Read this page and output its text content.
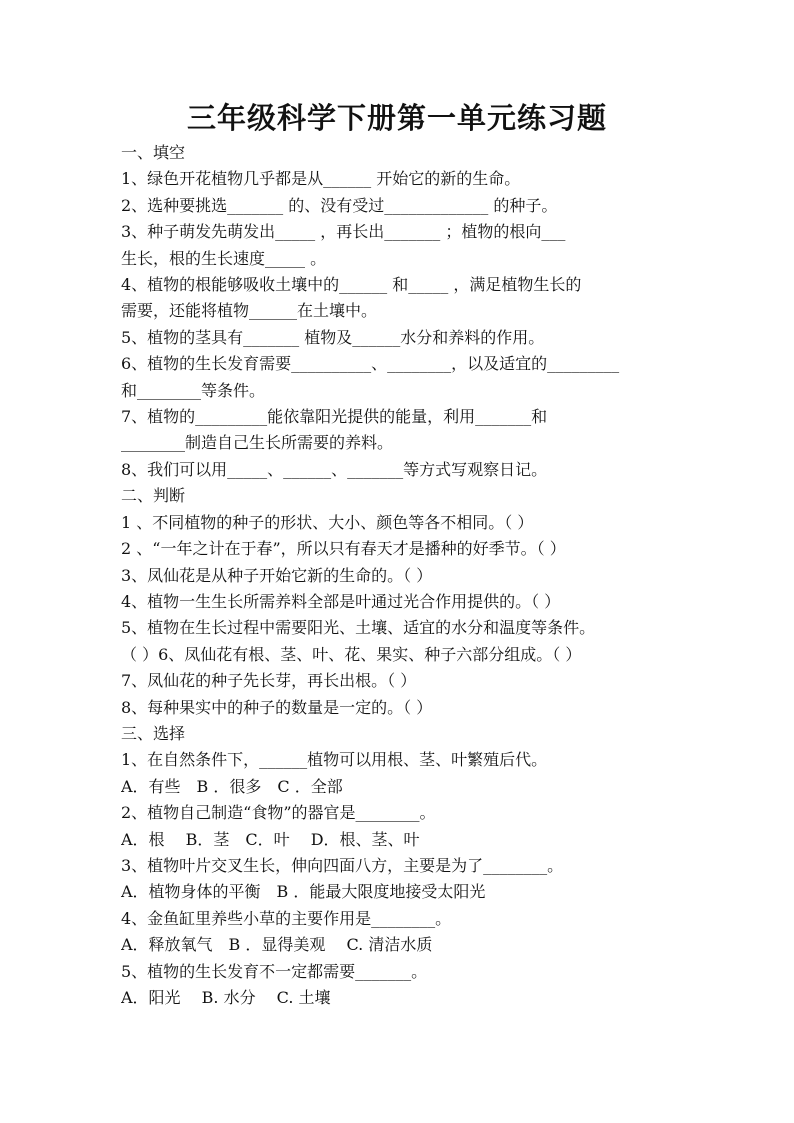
三年级科学下册第一单元练习题
一、填空
1、绿色开花植物几乎都是从______ 开始它的新的生命。
2、选种要挑选_______ 的、没有受过_____________ 的种子。
3、种子萌发先萌发出_____ ，再长出_______ ；植物的根向___
生长，根的生长速度_____ 。
4、植物的根能够吸收土壤中的______ 和_____ ，满足植物生长的
需要，还能将植物______在土壤中。
5、植物的茎具有_______ 植物及______水分和养料的作用。
6、植物的生长发育需要__________、________，以及适宜的_________
和________等条件。
7、植物的_________能依靠阳光提供的能量，利用_______和
________制造自己生长所需要的养料。
8、我们可以用_____、______、_______等方式写观察日记。
二、判断
1 、不同植物的种子的形状、大小、颜色等各不相同。（ ）
2 、“一年之计在于春”，所以只有春天才是播种的好季节。（ ）
3、凤仙花是从种子开始它新的生命的。（ ）
4、植物一生生长所需养料全部是叶通过光合作用提供的。（ ）
5、植物在生长过程中需要阳光、土壤、适宜的水分和温度等条件。
（ ）6、凤仙花有根、茎、叶、花、果实、种子六部分组成。（ ）
7、凤仙花的种子先长芽，再长出根。（ ）
8、每种果实中的种子的数量是一定的。（ ）
三、选择
1、在自然条件下，______植物可以用根、茎、叶繁殖后代。
A．有些　B ．很多　C ．全部
2、植物自己制造“食物”的器官是________。
A．根　 B．茎　C．叶　 D．根、茎、叶
3、植物叶片交叉生长，伸向四面八方，主要是为了________。
A．植物身体的平衡　B ．能最大限度地接受太阳光
4、金鱼缸里养些小草的主要作用是________。
A．释放氧气　B ．显得美观　 C. 清洁水质
5、植物的生长发育不一定都需要_______。
A．阳光　 B. 水分　 C. 土壤
